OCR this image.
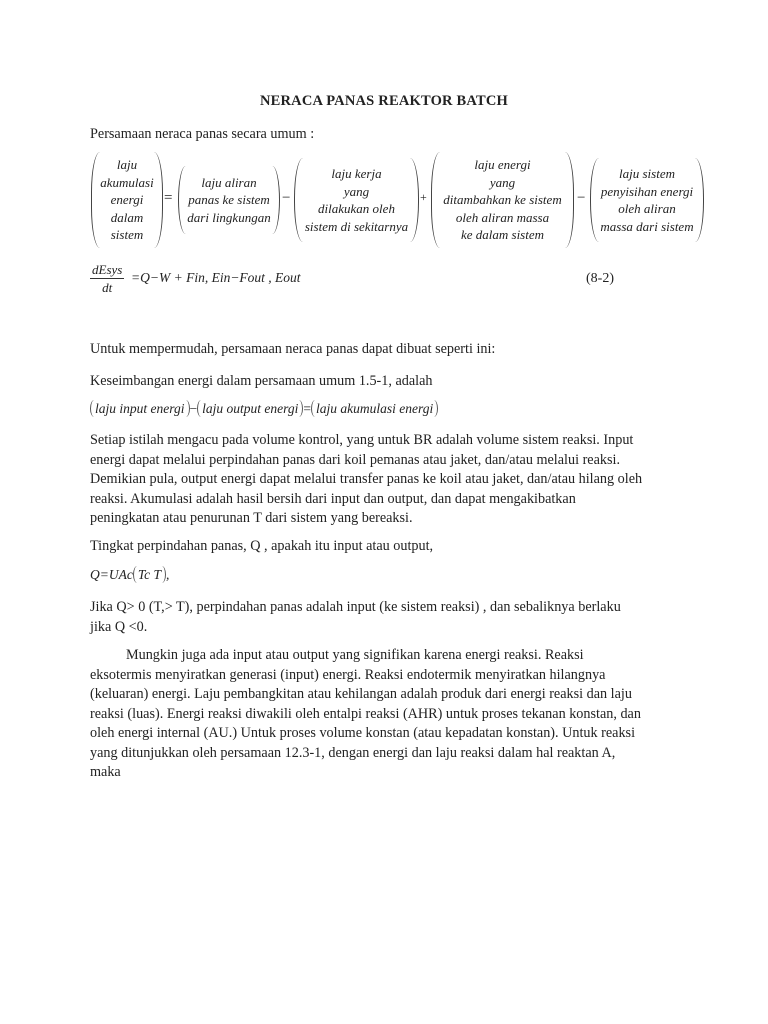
NERACA PANAS REAKTOR BATCH
Persamaan neraca panas secara umum :
laju
akumulasi
energi
dalam
sistem
=
laju aliran
panas ke sistem
dari lingkungan
−
laju kerja
yang
dilakukan oleh
sistem di sekitarnya
+
laju energi
yang
ditambahkan ke sistem
oleh aliran massa
ke dalam sistem
−
laju sistem
penyisihan energi
oleh aliran
massa dari sistem
dEsys
dt
=Q−W + Fin, Ein−Fout , Eout	(8-2)
Untuk mempermudah, persamaan neraca panas dapat dibuat seperti ini:
Keseimbangan energi dalam persamaan umum 1.5-1, adalah
laju input energi − laju output energi = laju akumulasi energi
Setiap istilah mengacu pada volume kontrol, yang untuk BR adalah volume sistem reaksi. Input
energi dapat melalui perpindahan panas dari koil pemanas atau jaket, dan/atau melalui reaksi.
Demikian pula, output energi dapat melalui transfer panas ke koil atau jaket, dan/atau hilang oleh
reaksi. Akumulasi adalah hasil bersih dari input dan output, dan dapat mengakibatkan
peningkatan atau penurunan T dari sistem yang bereaksi.
Tingkat perpindahan panas, Q , apakah itu input atau output,
Q=UAc Tc T ,
Jika Q> 0 (T,> T), perpindahan panas adalah input (ke sistem reaksi) , dan sebaliknya berlaku
jika Q <0.
Mungkin juga ada input atau output yang signifikan karena energi reaksi. Reaksi
eksotermis menyiratkan generasi (input) energi. Reaksi endotermik menyiratkan hilangnya
(keluaran) energi. Laju pembangkitan atau kehilangan adalah produk dari energi reaksi dan laju
reaksi (luas). Energi reaksi diwakili oleh entalpi reaksi (AHR) untuk proses tekanan konstan, dan
oleh energi internal (AU.) Untuk proses volume konstan (atau kepadatan konstan). Untuk reaksi
yang ditunjukkan oleh persamaan 12.3-1, dengan energi dan laju reaksi dalam hal reaktan A,
maka
